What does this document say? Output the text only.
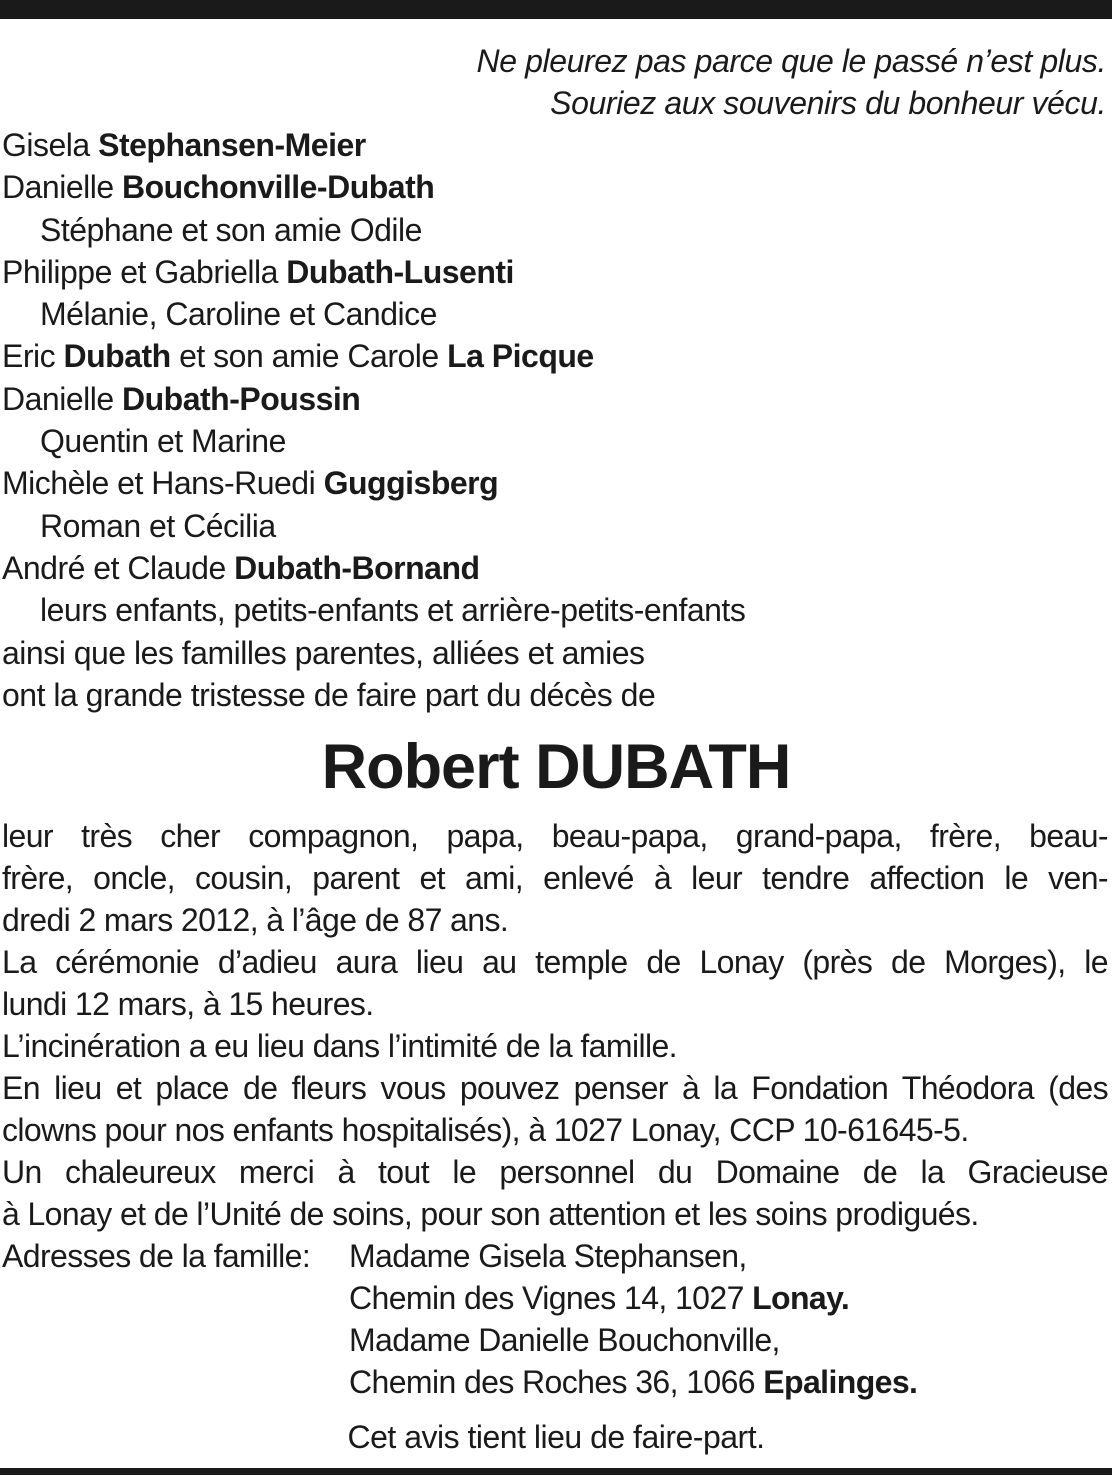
Ne pleurez pas parce que le passé n’est plus.
Souriez aux souvenirs du bonheur vécu.
Gisela Stephansen-Meier
Danielle Bouchonville-Dubath
Stéphane et son amie Odile
Philippe et Gabriella Dubath-Lusenti
Mélanie, Caroline et Candice
Eric Dubath et son amie Carole La Picque
Danielle Dubath-Poussin
Quentin et Marine
Michèle et Hans-Ruedi Guggisberg
Roman et Cécilia
André et Claude Dubath-Bornand
leurs enfants, petits-enfants et arrière-petits-enfants
ainsi que les familles parentes, alliées et amies
ont la grande tristesse de faire part du décès de
Robert DUBATH
leur très cher compagnon, papa, beau-papa, grand-papa, frère, beau-
frère, oncle, cousin, parent et ami, enlevé à leur tendre affection le ven-
dredi 2 mars 2012, à l’âge de 87 ans.
La cérémonie d’adieu aura lieu au temple de Lonay (près de Morges), le
lundi 12 mars, à 15 heures.
L’incinération a eu lieu dans l’intimité de la famille.
En lieu et place de fleurs vous pouvez penser à la Fondation Théodora (des
clowns pour nos enfants hospitalisés), à 1027 Lonay, CCP 10-61645-5.
Un chaleureux merci à tout le personnel du Domaine de la Gracieuse
à Lonay et de l’Unité de soins, pour son attention et les soins prodigués.
Adresses de la famille: Madame Gisela Stephansen,
Chemin des Vignes 14, 1027 Lonay.
Madame Danielle Bouchonville,
Chemin des Roches 36, 1066 Epalinges.
Cet avis tient lieu de faire-part.
